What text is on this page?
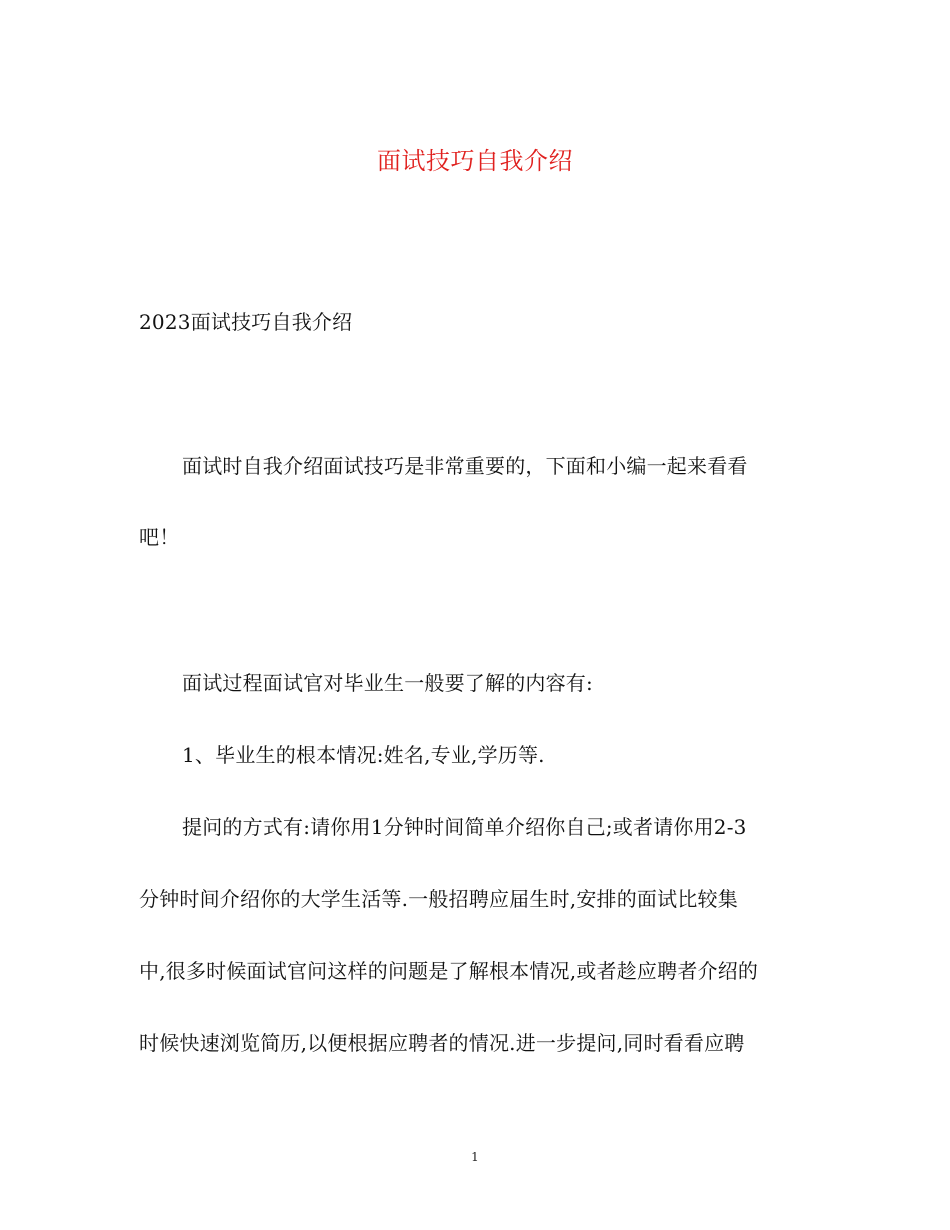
面试技巧自我介绍
2023面试技巧自我介绍
面试时自我介绍面试技巧是非常重要的，下面和小编一起来看看
吧！
面试过程面试官对毕业生一般要了解的内容有:
1、毕业生的根本情况:姓名,专业,学历等.
提问的方式有:请你用1分钟时间简单介绍你自己;或者请你用2-3
分钟时间介绍你的大学生活等.一般招聘应届生时,安排的面试比较集
中,很多时候面试官问这样的问题是了解根本情况,或者趁应聘者介绍的
时候快速浏览简历,以便根据应聘者的情况.进一步提问,同时看看应聘
1
